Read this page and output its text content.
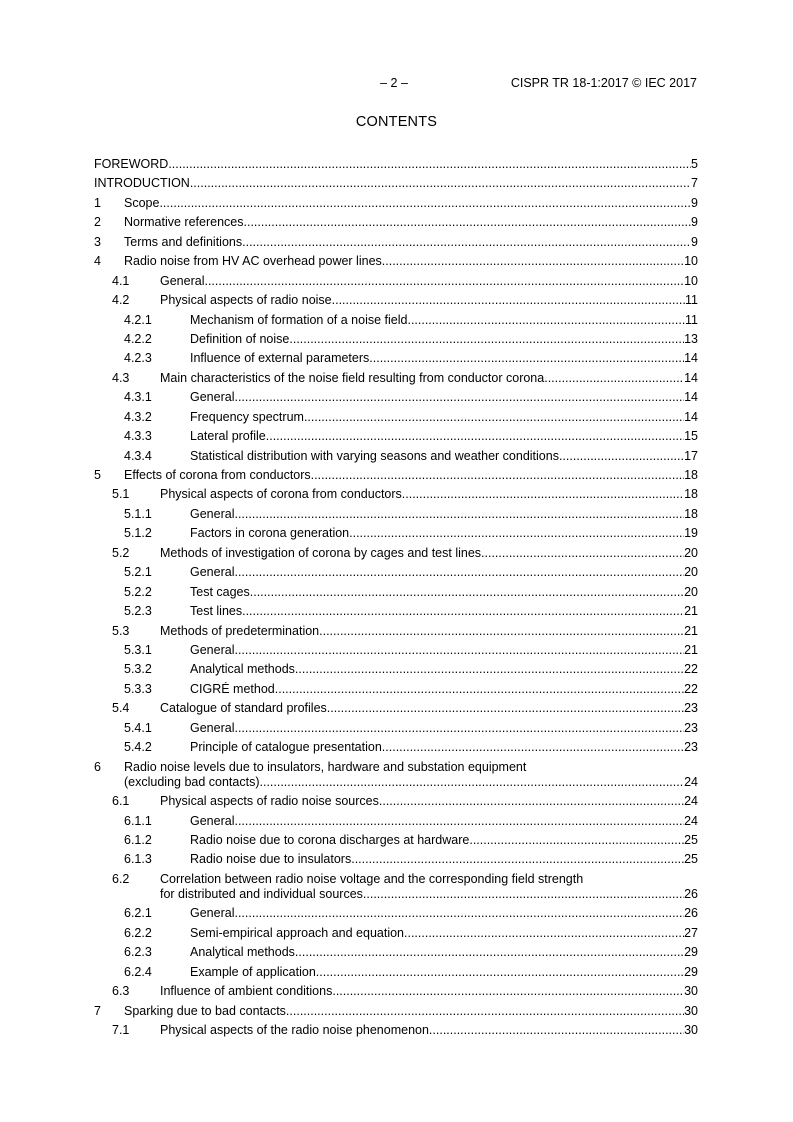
– 2 –	CISPR TR 18-1:2017 © IEC 2017
CONTENTS
FOREWORD .....	5
INTRODUCTION .....	7
1 Scope .....	9
2 Normative references .....	9
3 Terms and definitions .....	9
4 Radio noise from HV AC overhead power lines .....	10
4.1 General .....	10
4.2 Physical aspects of radio noise .....	11
4.2.1	Mechanism of formation of a noise field .....	11
4.2.2	Definition of noise .....	13
4.2.3	Influence of external parameters .....	14
4.3 Main characteristics of the noise field resulting from conductor corona .....	14
4.3.1	General .....	14
4.3.2	Frequency spectrum .....	14
4.3.3	Lateral profile .....	15
4.3.4	Statistical distribution with varying seasons and weather conditions .....	17
5 Effects of corona from conductors .....	18
5.1 Physical aspects of corona from conductors .....	18
5.1.1	General .....	18
5.1.2	Factors in corona generation .....	19
5.2 Methods of investigation of corona by cages and test lines .....	20
5.2.1	General .....	20
5.2.2	Test cages .....	20
5.2.3	Test lines .....	21
5.3 Methods of predetermination .....	21
5.3.1	General .....	21
5.3.2	Analytical methods .....	22
5.3.3	CIGRÉ method .....	22
5.4 Catalogue of standard profiles .....	23
5.4.1	General .....	23
5.4.2	Principle of catalogue presentation .....	23
6 Radio noise levels due to insulators, hardware and substation equipment
(excluding bad contacts) .....	24
6.1 Physical aspects of radio noise sources .....	24
6.1.1	General .....	24
6.1.2	Radio noise due to corona discharges at hardware .....	25
6.1.3	Radio noise due to insulators .....	25
6.2 Correlation between radio noise voltage and the corresponding field strength
for distributed and individual sources .....	26
6.2.1	General .....	26
6.2.2	Semi-empirical approach and equation .....	27
6.2.3	Analytical methods .....	29
6.2.4	Example of application .....	29
6.3 Influence of ambient conditions .....	30
7 Sparking due to bad contacts .....	30
7.1 Physical aspects of the radio noise phenomenon .....	30
